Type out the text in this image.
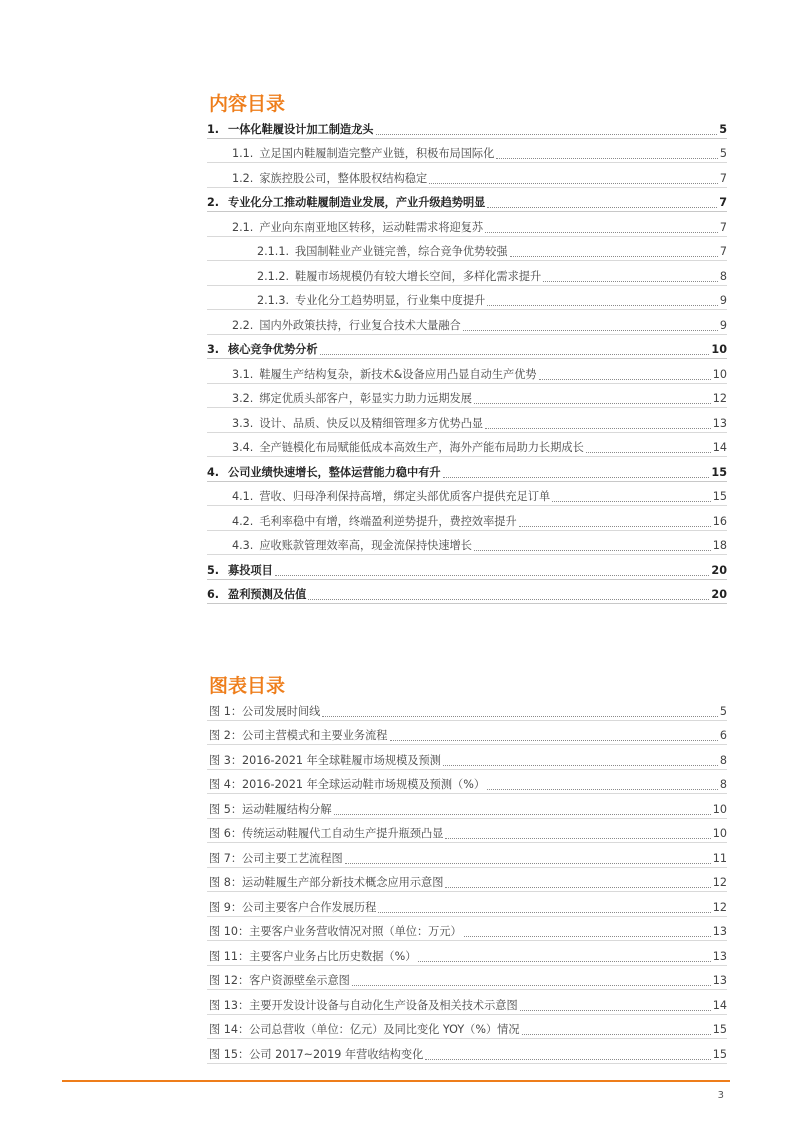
内容目录
1. 一体化鞋履设计加工制造龙头	5
1.1. 立足国内鞋履制造完整产业链，积极布局国际化	5
1.2. 家族控股公司，整体股权结构稳定	7
2. 专业化分工推动鞋履制造业发展，产业升级趋势明显	7
2.1. 产业向东南亚地区转移，运动鞋需求将迎复苏	7
2.1.1. 我国制鞋业产业链完善，综合竞争优势较强	7
2.1.2. 鞋履市场规模仍有较大增长空间，多样化需求提升	8
2.1.3. 专业化分工趋势明显，行业集中度提升	9
2.2. 国内外政策扶持，行业复合技术大量融合	9
3. 核心竞争优势分析	10
3.1. 鞋履生产结构复杂，新技术&设备应用凸显自动生产优势	10
3.2. 绑定优质头部客户，彰显实力助力远期发展	12
3.3. 设计、品质、快反以及精细管理多方优势凸显	13
3.4. 全产链模化布局赋能低成本高效生产，海外产能布局助力长期成长	14
4. 公司业绩快速增长，整体运营能力稳中有升	15
4.1. 营收、归母净利保持高增，绑定头部优质客户提供充足订单	15
4.2. 毛利率稳中有增，终端盈利逆势提升，费控效率提升	16
4.3. 应收账款管理效率高，现金流保持快速增长	18
5. 募投项目	20
6. 盈利预测及估值	20
图表目录
图 1：公司发展时间线	5
图 2：公司主营模式和主要业务流程	6
图 3：2016-2021 年全球鞋履市场规模及预测	8
图 4：2016-2021 年全球运动鞋市场规模及预测（%）	8
图 5：运动鞋履结构分解	10
图 6：传统运动鞋履代工自动生产提升瓶颈凸显	10
图 7：公司主要工艺流程图	11
图 8：运动鞋履生产部分新技术概念应用示意图	12
图 9：公司主要客户合作发展历程	12
图 10：主要客户业务营收情况对照（单位：万元）	13
图 11：主要客户业务占比历史数据（%）	13
图 12：客户资源壁垒示意图	13
图 13：主要开发设计设备与自动化生产设备及相关技术示意图	14
图 14：公司总营收（单位：亿元）及同比变化 YOY（%）情况	15
图 15：公司 2017~2019 年营收结构变化	15
3
